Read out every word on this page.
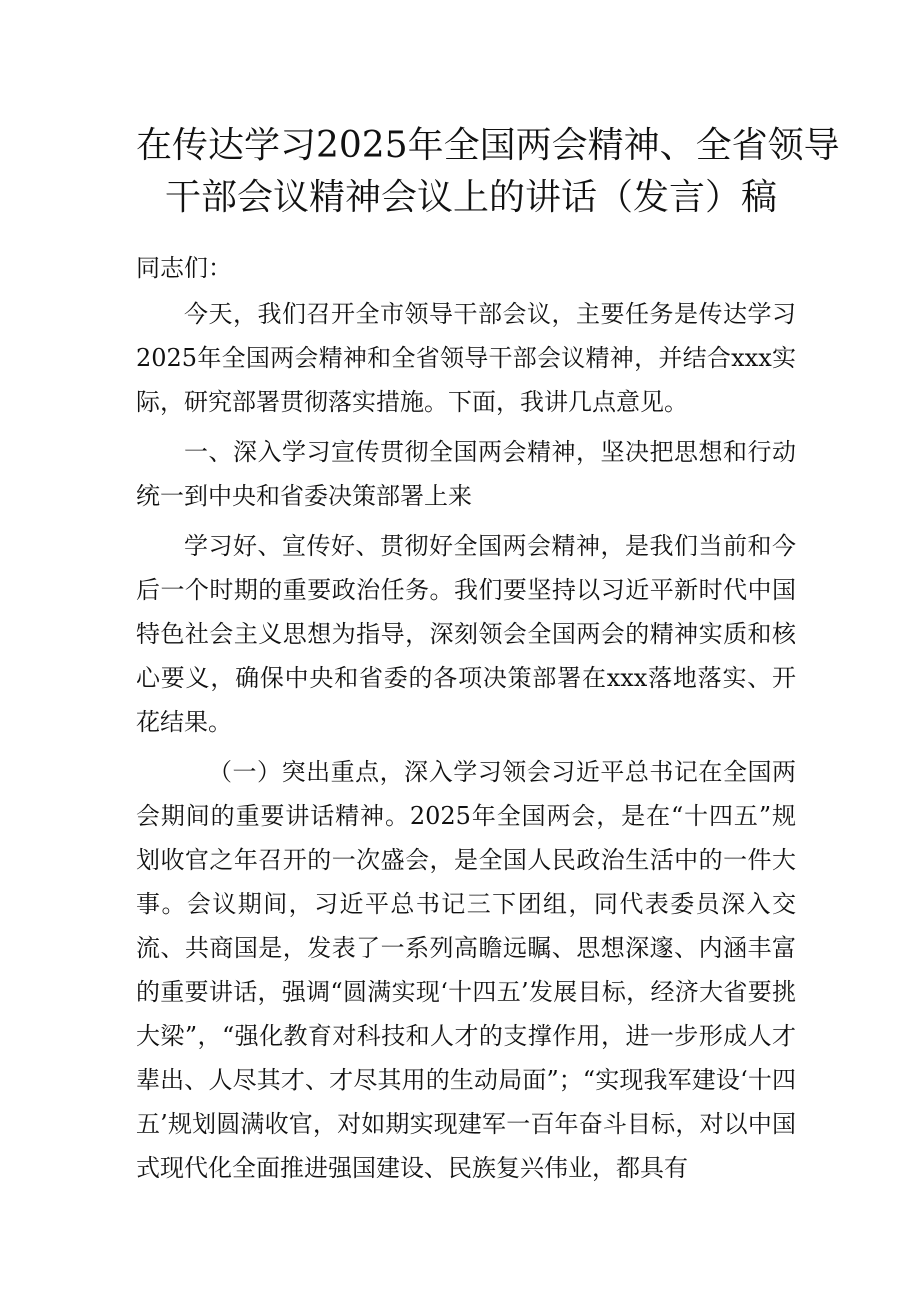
在传达学习2025年全国两会精神、全省领导
干部会议精神会议上的讲话（发言）稿

同志们：

今天，我们召开全市领导干部会议，主要任务是传达学习2025年全国两会精神和全省领导干部会议精神，并结合xxx实际，研究部署贯彻落实措施。下面，我讲几点意见。

一、深入学习宣传贯彻全国两会精神，坚决把思想和行动统一到中央和省委决策部署上来

学习好、宣传好、贯彻好全国两会精神，是我们当前和今后一个时期的重要政治任务。我们要坚持以习近平新时代中国特色社会主义思想为指导，深刻领会全国两会的精神实质和核心要义，确保中央和省委的各项决策部署在xxx落地落实、开花结果。

（一）突出重点，深入学习领会习近平总书记在全国两会期间的重要讲话精神。2025年全国两会，是在“十四五”规划收官之年召开的一次盛会，是全国人民政治生活中的一件大事。会议期间，习近平总书记三下团组，同代表委员深入交流、共商国是，发表了一系列高瞻远瞩、思想深邃、内涵丰富的重要讲话，强调“圆满实现‘十四五’发展目标，经济大省要挑大梁”，“强化教育对科技和人才的支撑作用，进一步形成人才辈出、人尽其才、才尽其用的生动局面”；“实现我军建设‘十四五’规划圆满收官，对如期实现建军一百年奋斗目标，对以中国式现代化全面推进强国建设、民族复兴伟业，都具有
